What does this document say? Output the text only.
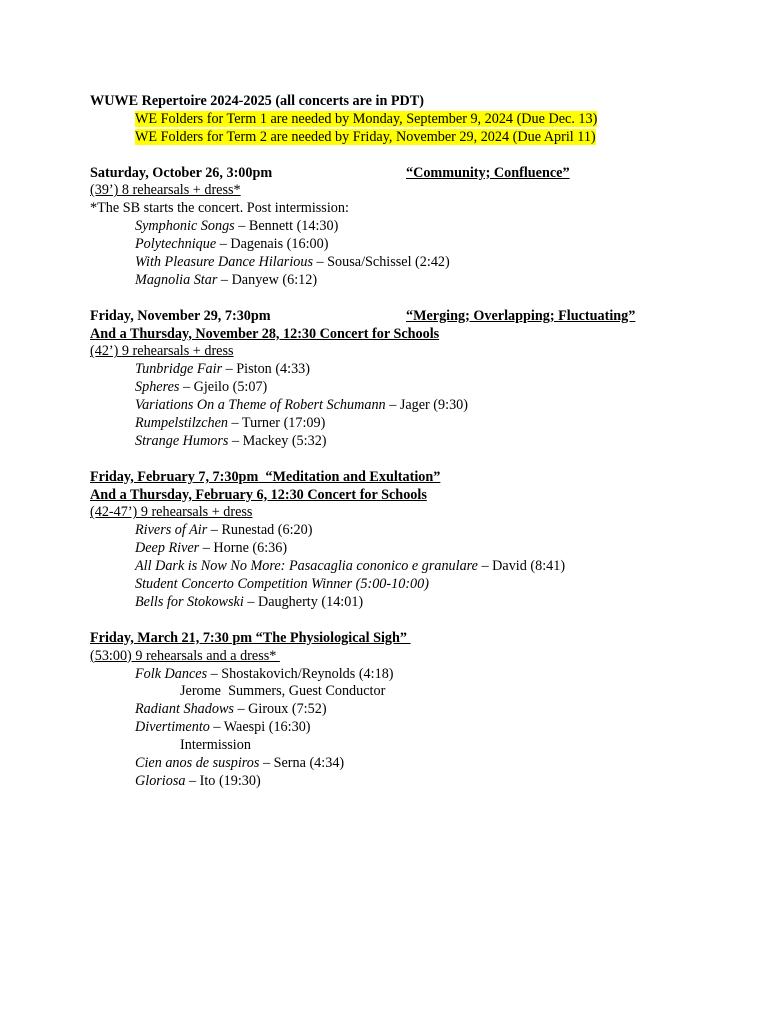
WUWE Repertoire 2024-2025 (all concerts are in PDT)
WE Folders for Term 1 are needed by Monday, September 9, 2024 (Due Dec. 13)
WE Folders for Term 2 are needed by Friday, November 29, 2024 (Due April 11)
Saturday, October 26, 3:00pm	“Community; Confluence”
(39’) 8 rehearsals + dress*
*The SB starts the concert. Post intermission:
Symphonic Songs – Bennett (14:30)
Polytechnique – Dagenais (16:00)
With Pleasure Dance Hilarious – Sousa/Schissel (2:42)
Magnolia Star – Danyew (6:12)
Friday, November 29, 7:30pm	“Merging; Overlapping; Fluctuating”
And a Thursday, November 28, 12:30 Concert for Schools
(42’) 9 rehearsals + dress
Tunbridge Fair – Piston (4:33)
Spheres – Gjeilo (5:07)
Variations On a Theme of Robert Schumann – Jager (9:30)
Rumpelstilzchen – Turner (17:09)
Strange Humors – Mackey (5:32)
Friday, February 7, 7:30pm  “Meditation and Exultation”
And a Thursday, February 6, 12:30 Concert for Schools
(42-47’) 9 rehearsals + dress
Rivers of Air – Runestad (6:20)
Deep River – Horne (6:36)
All Dark is Now No More: Pasacaglia cononico e granulare – David (8:41)
Student Concerto Competition Winner (5:00-10:00)
Bells for Stokowski – Daugherty (14:01)
Friday, March 21, 7:30 pm “The Physiological Sigh”
(53:00) 9 rehearsals and a dress*
Folk Dances – Shostakovich/Reynolds (4:18)
Jerome  Summers, Guest Conductor
Radiant Shadows – Giroux (7:52)
Divertimento – Waespi (16:30)
Intermission
Cien anos de suspiros – Serna (4:34)
Gloriosa – Ito (19:30)
